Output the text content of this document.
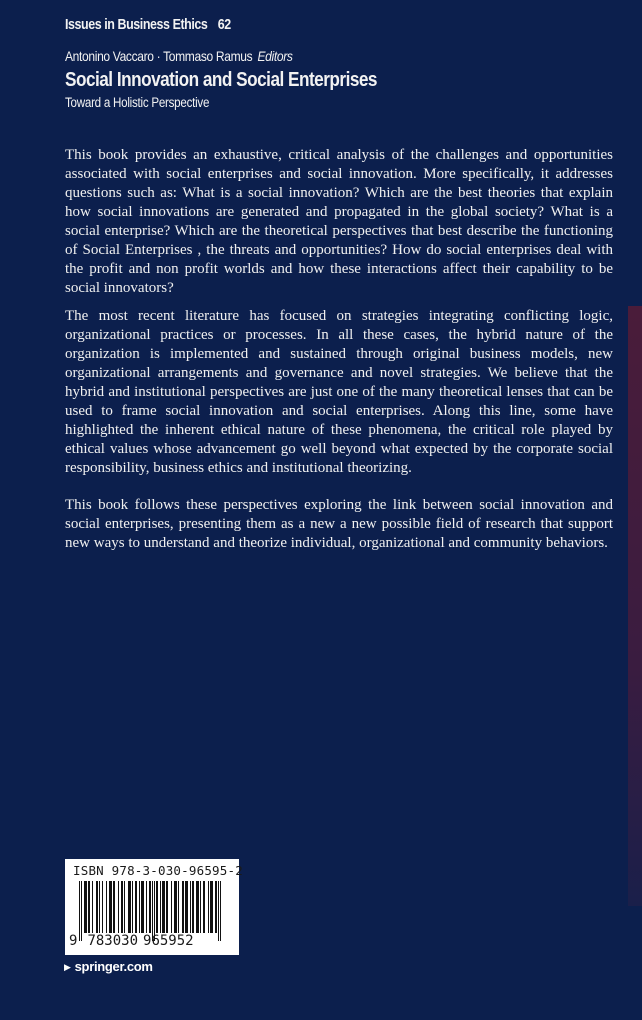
Issues in Business Ethics 62
Antonino Vaccaro · Tommaso Ramus Editors
Social Innovation and Social Enterprises
Toward a Holistic Perspective

This book provides an exhaustive, critical analysis of the challenges and opportunities associated with social enterprises and social innovation. More specifically, it addresses questions such as: What is a social innovation? Which are the best theories that explain how social innovations are generated and propagated in the global society? What is a social enterprise? Which are the theoretical perspectives that best describe the functioning of Social Enterprises , the threats and opportunities? How do social enterprises deal with the profit and non profit worlds and how these interactions affect their capability to be social innovators?

The most recent literature has focused on strategies integrating conflicting logic, organizational practices or processes. In all these cases, the hybrid nature of the organization is implemented and sustained through original business models, new organizational arrangements and governance and novel strategies. We believe that the hybrid and institutional perspectives are just one of the many theoretical lenses that can be used to frame social innovation and social enterprises. Along this line, some have highlighted the inherent ethical nature of these phenomena, the critical role played by ethical values whose advancement go well beyond what expected by the corporate social responsibility, business ethics and institutional theorizing.

This book follows these perspectives exploring the link between social innovation and social enterprises, presenting them as a new a new possible field of research that support new ways to understand and theorize individual, organizational and community behaviors.

ISBN 978-3-030-96595-2
9 783030 965952
▶ springer.com
